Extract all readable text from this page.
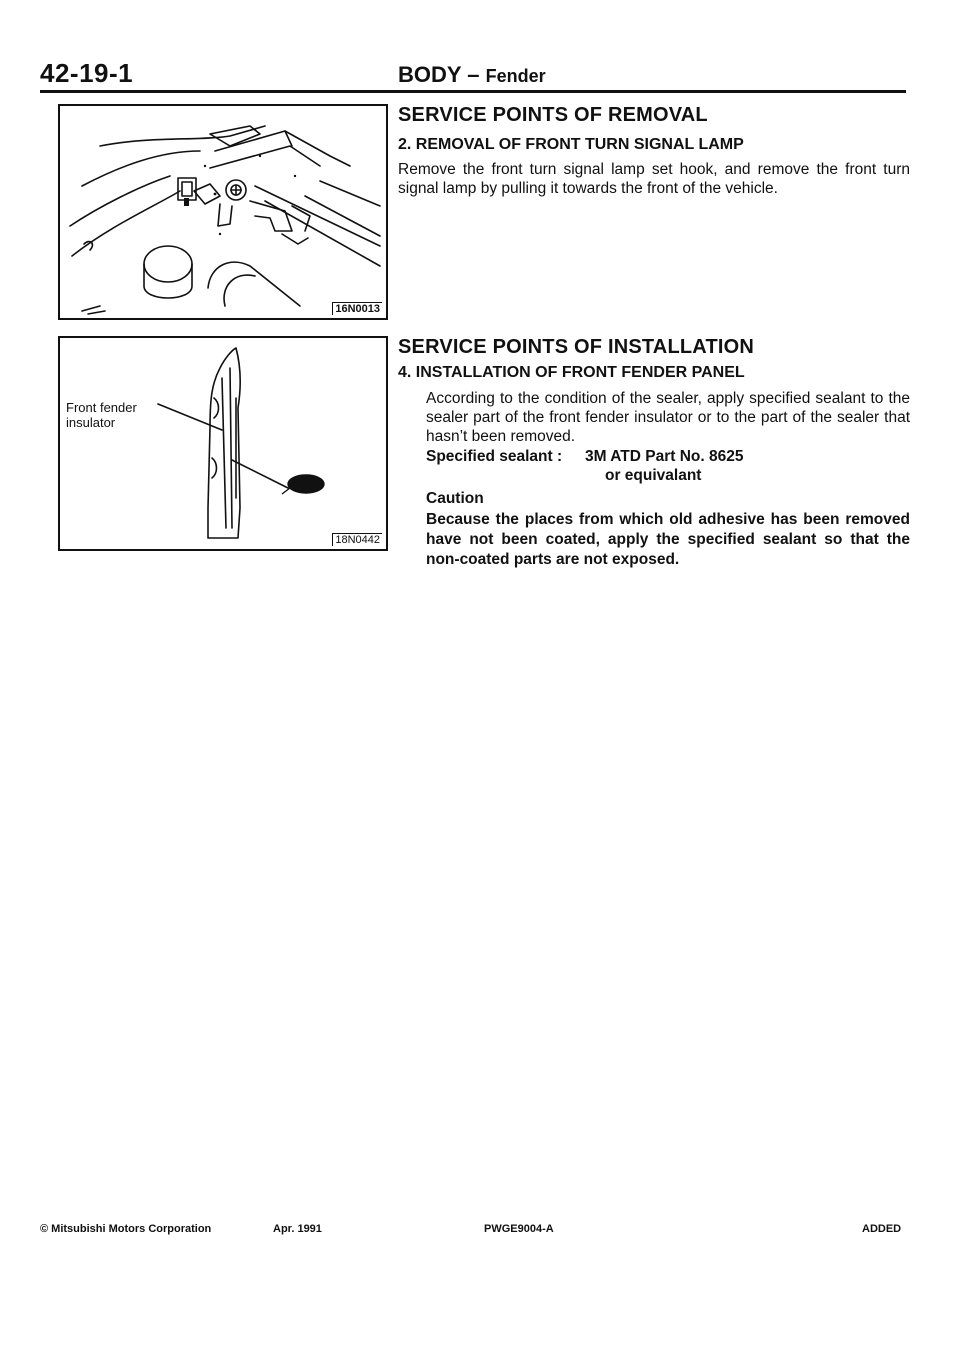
42-19-1	BODY – Fender
16N0013
Front fender
insulator
18N0442
SERVICE POINTS OF REMOVAL
2. REMOVAL OF FRONT TURN SIGNAL LAMP
Remove the front turn signal lamp set hook, and remove the front turn signal lamp by pulling it towards the front of the vehicle.
SERVICE POINTS OF INSTALLATION
4. INSTALLATION OF FRONT FENDER PANEL
According to the condition of the sealer, apply specified sealant to the sealer part of the front fender insulator or to the part of the sealer that hasn’t been removed.
Specified sealant : 3M ATD Part No. 8625
or equivalant
Caution
Because the places from which old adhesive has been removed have not been coated, apply the specified sealant so that the non-coated parts are not exposed.
© Mitsubishi Motors Corporation	Apr. 1991	PWGE9004-A	ADDED
